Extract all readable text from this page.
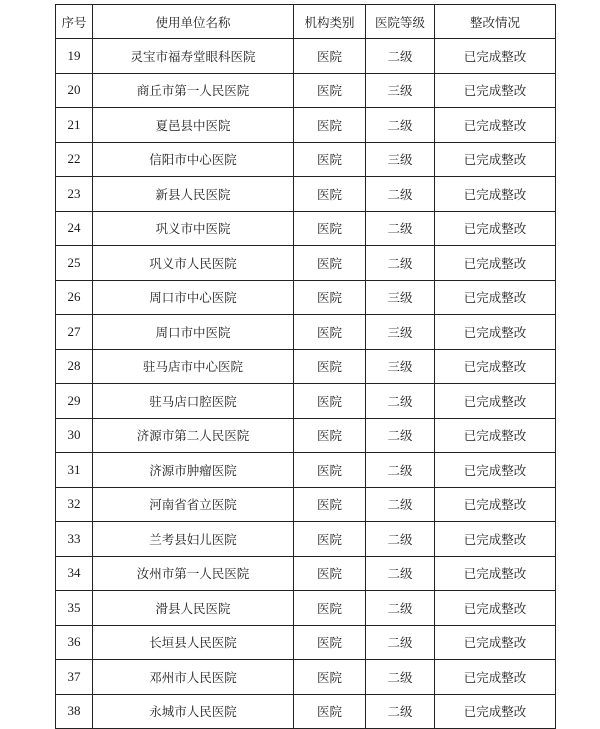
序号	使用单位名称	机构类别	医院等级	整改情况
19	灵宝市福寿堂眼科医院	医院	二级	已完成整改
20	商丘市第一人民医院	医院	三级	已完成整改
21	夏邑县中医院	医院	二级	已完成整改
22	信阳市中心医院	医院	三级	已完成整改
23	新县人民医院	医院	二级	已完成整改
24	巩义市中医院	医院	二级	已完成整改
25	巩义市人民医院	医院	二级	已完成整改
26	周口市中心医院	医院	三级	已完成整改
27	周口市中医院	医院	三级	已完成整改
28	驻马店市中心医院	医院	三级	已完成整改
29	驻马店口腔医院	医院	二级	已完成整改
30	济源市第二人民医院	医院	二级	已完成整改
31	济源市肿瘤医院	医院	二级	已完成整改
32	河南省省立医院	医院	二级	已完成整改
33	兰考县妇儿医院	医院	二级	已完成整改
34	汝州市第一人民医院	医院	二级	已完成整改
35	滑县人民医院	医院	二级	已完成整改
36	长垣县人民医院	医院	二级	已完成整改
37	邓州市人民医院	医院	二级	已完成整改
38	永城市人民医院	医院	二级	已完成整改
